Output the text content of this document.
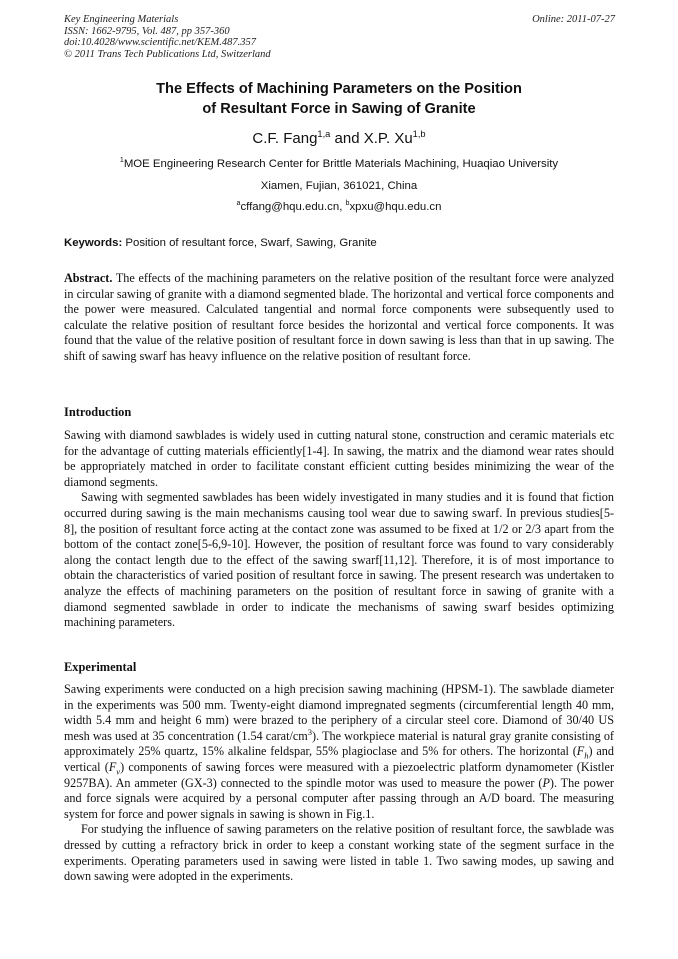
Key Engineering Materials
ISSN: 1662-9795, Vol. 487, pp 357-360
doi:10.4028/www.scientific.net/KEM.487.357
© 2011 Trans Tech Publications Ltd, Switzerland
Online: 2011-07-27
The Effects of Machining Parameters on the Position
of Resultant Force in Sawing of Granite
C.F. Fang$^{1,a}$ and X.P. Xu$^{1,b}$
$^1$MOE Engineering Research Center for Brittle Materials Machining, Huaqiao University
Xiamen, Fujian, 361021, China
$^a$cffang@hqu.edu.cn, $^b$xpxu@hqu.edu.cn
Keywords: Position of resultant force, Swarf, Sawing, Granite
Abstract. The effects of the machining parameters on the relative position of the resultant force were analyzed in circular sawing of granite with a diamond segmented blade. The horizontal and vertical force components and the power were measured. Calculated tangential and normal force components were subsequently used to calculate the relative position of resultant force besides the horizontal and vertical force components. It was found that the value of the relative position of resultant force in down sawing is less than that in up sawing. The shift of sawing swarf has heavy influence on the relative position of resultant force.
Introduction

Sawing with diamond sawblades is widely used in cutting natural stone, construction and ceramic materials etc for the advantage of cutting materials efficiently[1-4]. In sawing, the matrix and the diamond wear rates should be appropriately matched in order to facilitate constant efficient cutting besides minimizing the wear of the diamond segments.

Sawing with segmented sawblades has been widely investigated in many studies and it is found that fiction occurred during sawing is the main mechanisms causing tool wear due to sawing swarf. In previous studies[5-8], the position of resultant force acting at the contact zone was assumed to be fixed at 1/2 or 2/3 apart from the bottom of the contact zone[5-6,9-10]. However, the position of resultant force was found to vary considerably along the contact length due to the effect of the sawing swarf[11,12]. Therefore, it is of most importance to obtain the characteristics of varied position of resultant force in sawing. The present research was undertaken to analyze the effects of machining parameters on the position of resultant force in sawing of granite with a diamond segmented sawblade in order to indicate the mechanisms of sawing swarf besides optimizing machining parameters.

Experimental

Sawing experiments were conducted on a high precision sawing machining (HPSM-1). The sawblade diameter in the experiments was 500 mm. Twenty-eight diamond impregnated segments (circumferential length 40 mm, width 5.4 mm and height 6 mm) were brazed to the periphery of a circular steel core. Diamond of 30/40 US mesh was used at 35 concentration (1.54 carat/$cm^3$). The workpiece material is natural gray granite consisting of approximately 25% quartz, 15% alkaline feldspar, 55% plagioclase and 5% for others. The horizontal $(F_h)$ and vertical $(F_v)$ components of sawing forces were measured with a piezoelectric platform dynamometer (Kistler 9257BA). An ammeter (GX-3) connected to the spindle motor was used to measure the power (P). The power and force signals were acquired by a personal computer after passing through an A/D board. The measuring system for force and power signals in sawing is shown in Fig.1.

For studying the influence of sawing parameters on the relative position of resultant force, the sawblade was dressed by cutting a refractory brick in order to keep a constant working state of the segment surface in the experiments. Operating parameters used in sawing were listed in table 1. Two sawing modes, up sawing and down sawing were adopted in the experiments.
